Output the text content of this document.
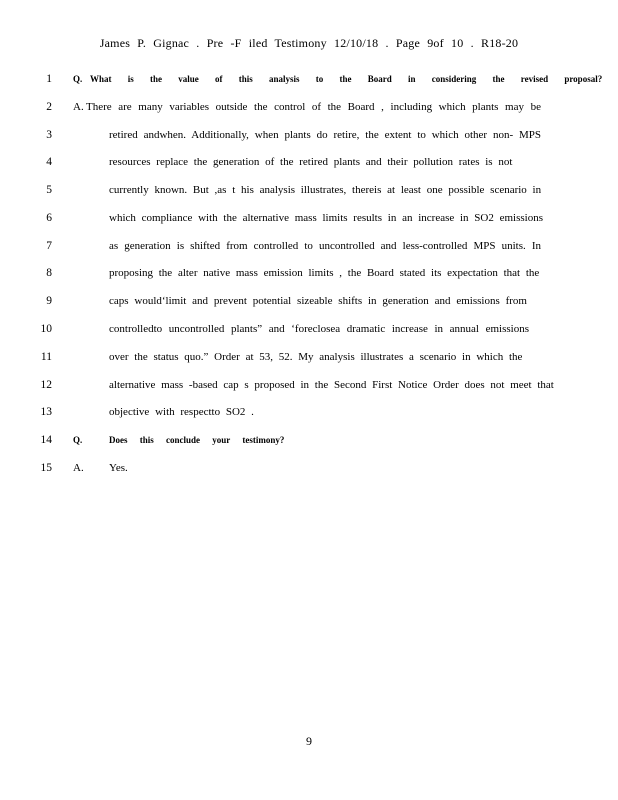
James P. Gignac . Pre -F iled Testimony 12/10/18 . Page 9of 10 . R18-20
1 Q. What is the value of this analysis to the Board in considering the revised proposal?
2 A. There are many variables outside the control of the Board , including which plants may be
3	retired andwhen. Additionally, when plants do retire, the extent to which other non- MPS
4	resources replace the generation of the retired plants and their pollution rates is not
5	currently known. But ,as t his analysis illustrates, thereis at least one possible scenario in
6	which compliance with the alternative mass limits results in an increase in SO2 emissions
7	as generation is shifted from controlled to uncontrolled and less-controlled MPS units. In
8	proposing the alter native mass emission limits , the Board stated its expectation that the
9	caps would‘limit and prevent potential sizeable shifts in generation and emissions from
10	controlledto uncontrolled plants” and ‘foreclosea dramatic increase in annual emissions
11	over the status quo.” Order at 53, 52. My analysis illustrates a scenario in which the
12	alternative mass -based cap s proposed in the Second First Notice Order does not meet that
13	objective with respectto SO2 .
14 Q.	Does this conclude your testimony?
15 A. Yes.
9
